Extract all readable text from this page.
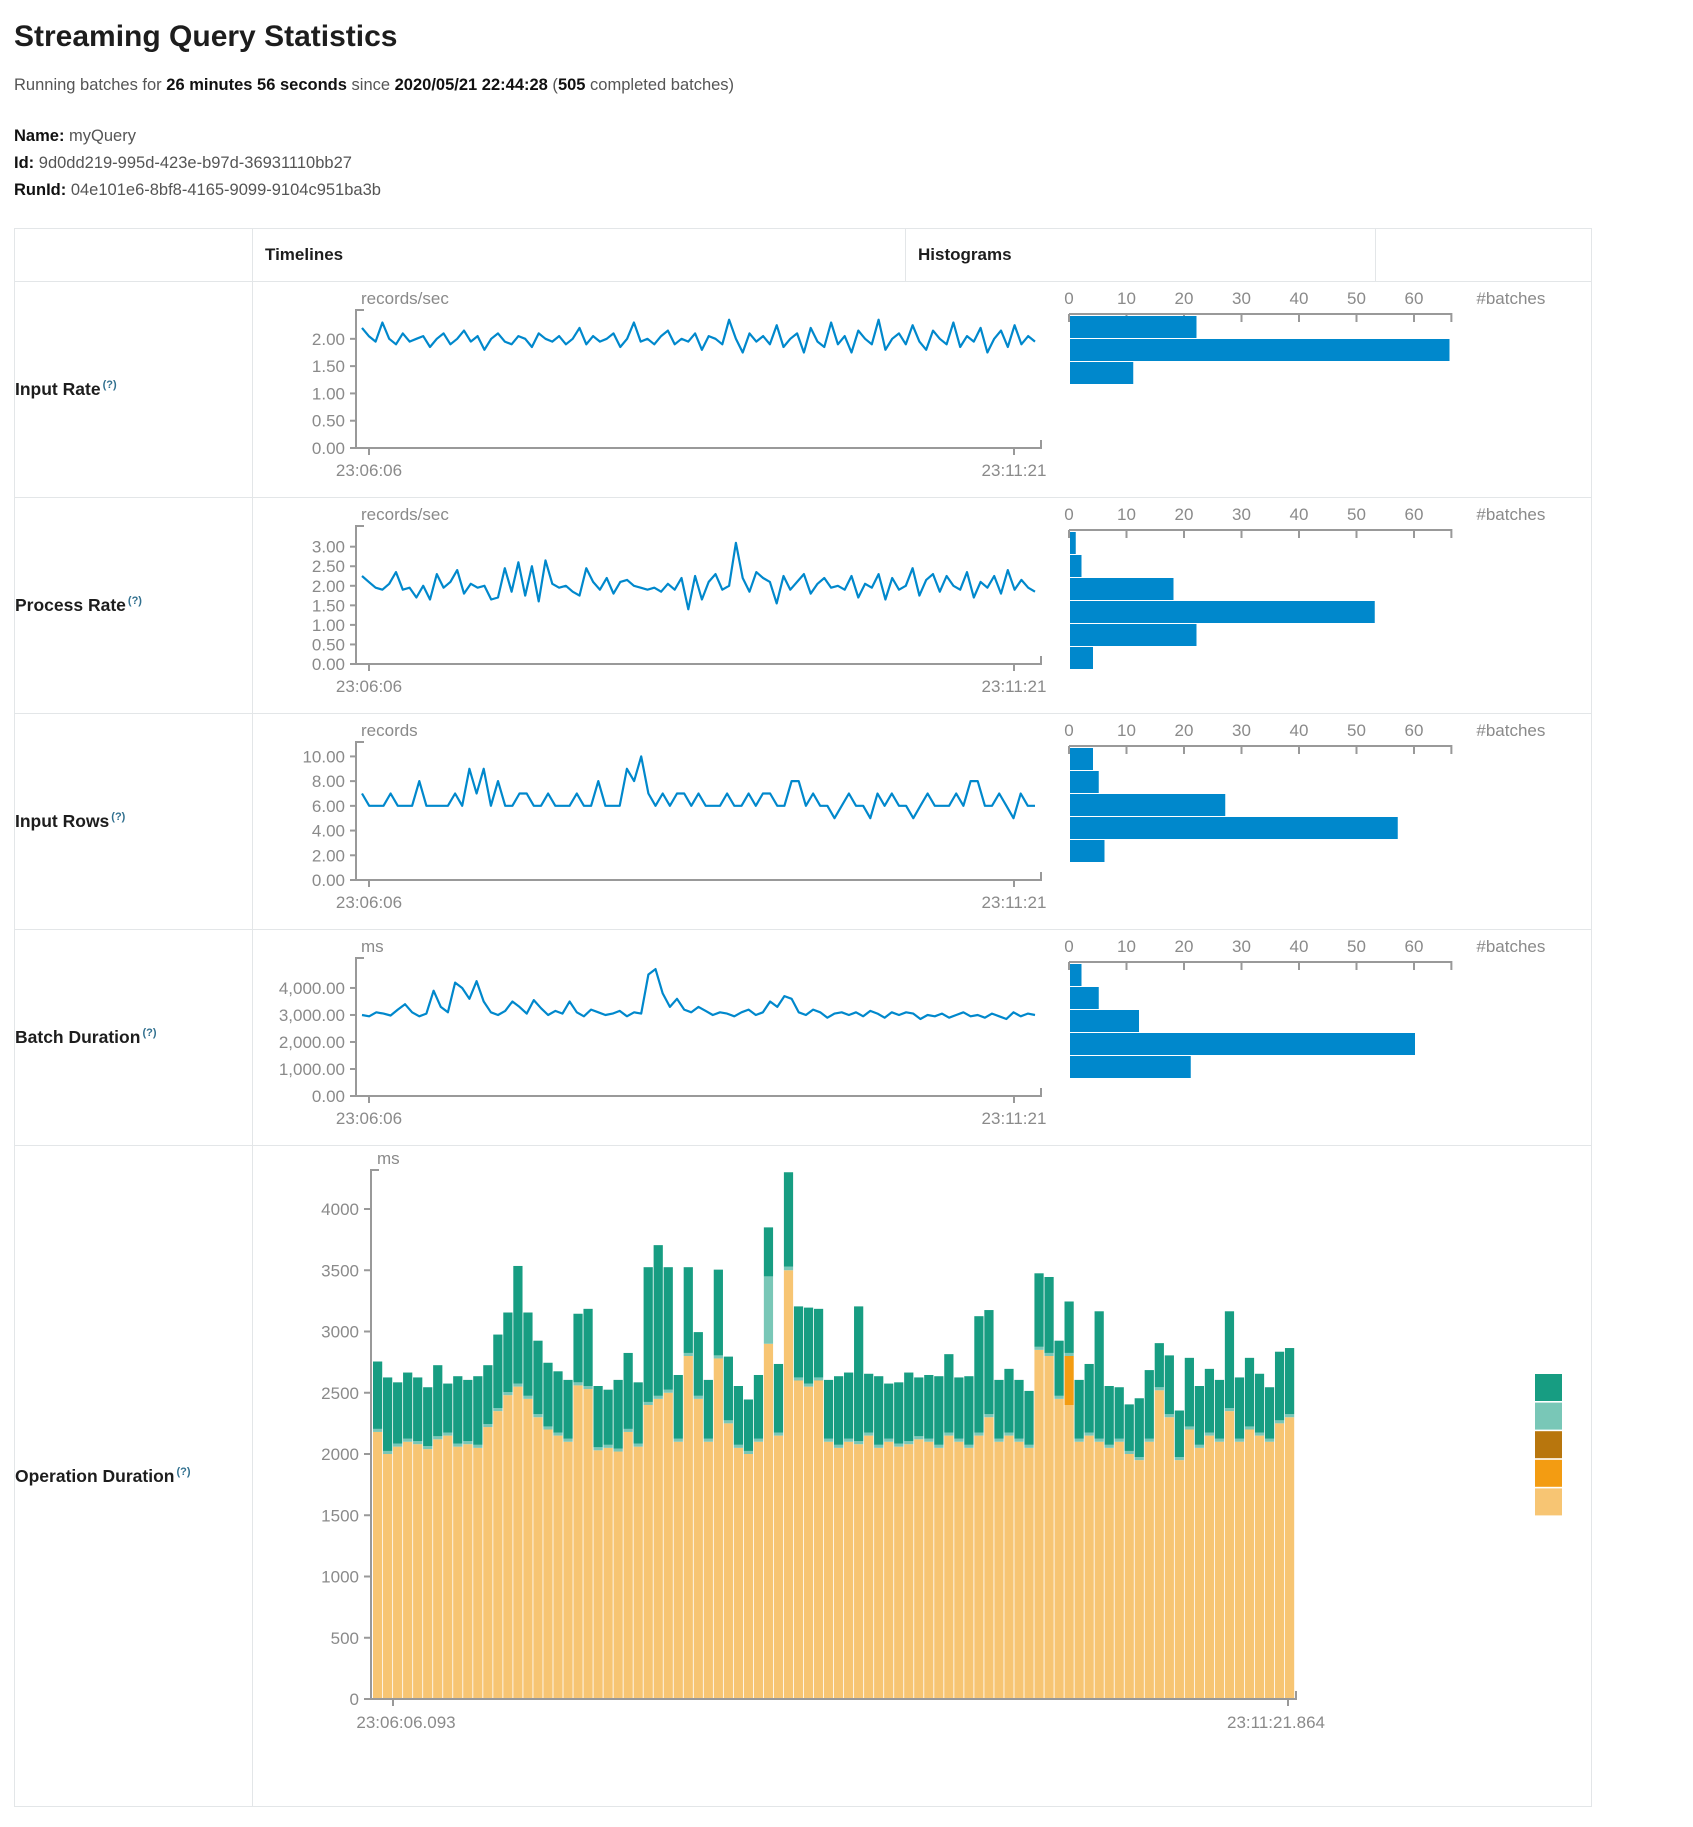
Streaming Query Statistics

Running batches for 26 minutes 56 seconds since 2020/05/21 22:44:28 (505 completed batches)

Name: myQuery
Id: 9d0dd219-995d-423e-b97d-36931110bb27
RunId: 04e101e6-8bf8-4165-9099-9104c951ba3b
	Timelines	Histograms	
Input Rate (?)	
records/sec
0.00
0.50
1.00
1.50
2.00
23:06:06	23:11:21
0	10 20 30 40 50 60	#batches

Process Rate (?)	
records/sec
0.00
0.50
1.00
1.50
2.00
2.50
3.00
23:06:06	23:11:21
0	10 20 30 40 50 60	#batches

Input Rows (?)	
records
0.00
2.00
4.00
6.00
8.00
10.00
23:06:06	23:11:21
0	10 20 30 40 50 60	#batches

Batch Duration (?)	
ms
0.00
1,000.00
2,000.00
3,000.00
4,000.00
23:06:06	23:11:21
0	10 20 30 40 50 60	#batches

Operation Duration (?)	
ms
0
500
1000
1500
2000
2500
3000
3500
4000
23:06:06.093	23:11:21.864
